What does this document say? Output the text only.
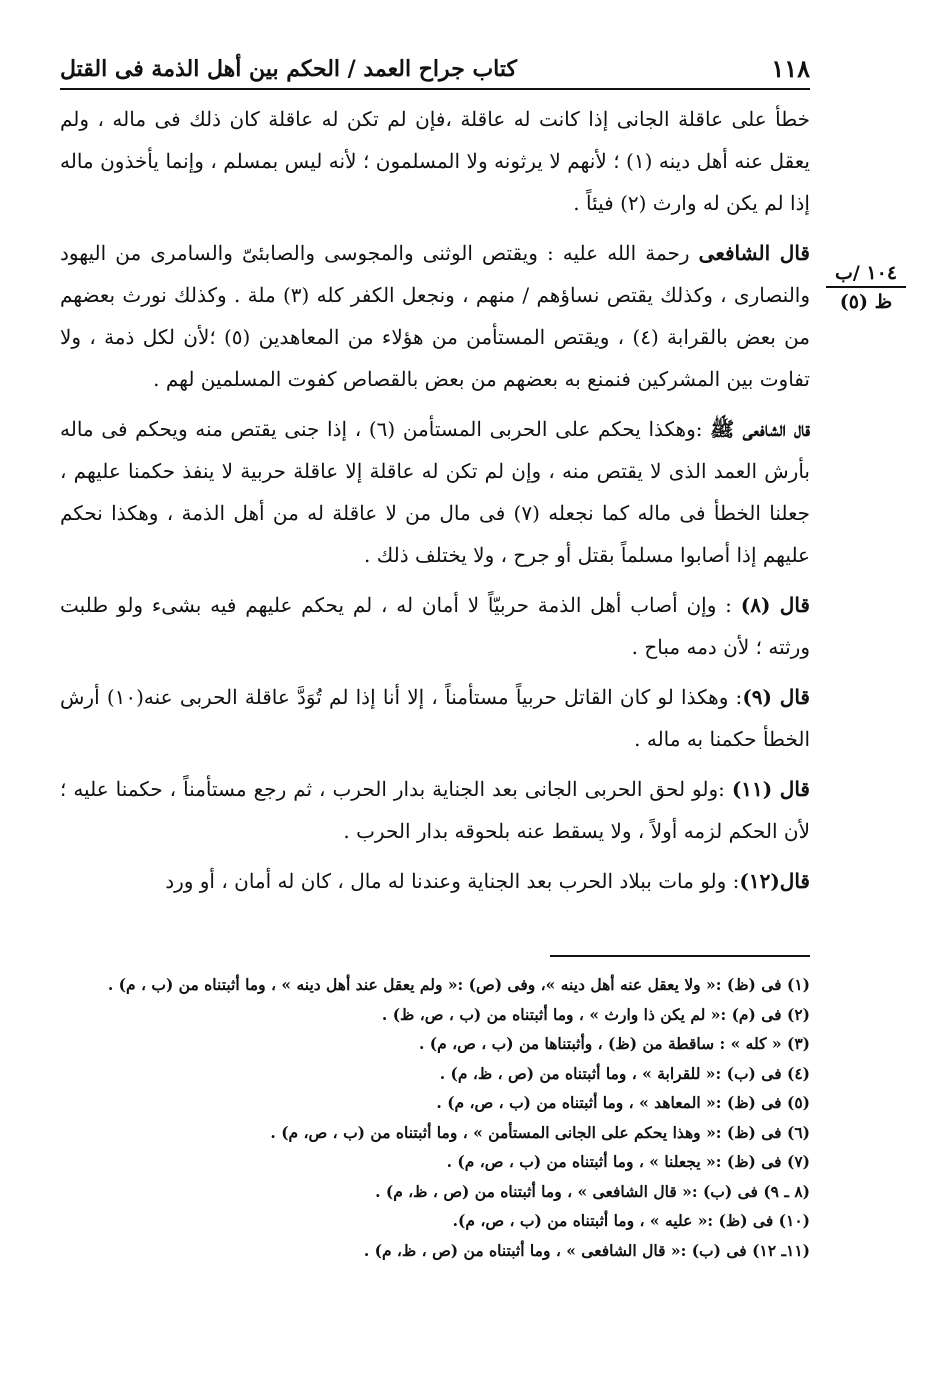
١١٨
كتاب جراح العمد / الحكم بين أهل الذمة فى القتل
١٠٤ /ب
ظ (٥)

خطأ على عاقلة الجانى إذا كانت له عاقلة ،فإن لم تكن له عاقلة كان ذلك فى ماله ، ولم يعقل عنه أهل دينه (١) ؛ لأنهم لا يرثونه ولا المسلمون ؛ لأنه ليس بمسلم ، وإنما يأخذون ماله إذا لم يكن له وارث (٢) فيئاً .

قال الشافعى رحمة الله عليه : ويقتص الوثنى والمجوسى والصابئىّ والسامرى من اليهود والنصارى ، وكذلك يقتص نساؤهم / منهم ، ونجعل الكفر كله (٣) ملة . وكذلك نورث بعضهم من بعض بالقرابة (٤) ، ويقتص المستأمن من هؤلاء من المعاهدين (٥) ؛لأن لكل ذمة ، ولا تفاوت بين المشركين فنمنع به بعضهم من بعض بالقصاص كفوت المسلمين لهم .

قال الشافعى ﷺ :وهكذا يحكم على الحربى المستأمن (٦) ، إذا جنى يقتص منه ويحكم فى ماله بأرش العمد الذى لا يقتص منه ، وإن لم تكن له عاقلة إلا عاقلة حربية لا ينفذ حكمنا عليهم ، جعلنا الخطأ فى ماله كما نجعله (٧) فى مال من لا عاقلة له من أهل الذمة ، وهكذا نحكم عليهم إذا أصابوا مسلماً بقتل أو جرح ، ولا يختلف ذلك .

قال (٨) : وإن أصاب أهل الذمة حربيّاً لا أمان له ، لم يحكم عليهم فيه بشىء ولو طلبت ورثته ؛ لأن دمه مباح .

قال (٩): وهكذا لو كان القاتل حربياً مستأمناً ، إلا أنا إذا لم تُوَدَّ عاقلة الحربى عنه(١٠) أرش الخطأ حكمنا به ماله .

قال (١١) :ولو لحق الحربى الجانى بعد الجناية بدار الحرب ، ثم رجع مستأمناً ، حكمنا عليه ؛ لأن الحكم لزمه أولاً ، ولا يسقط عنه بلحوقه بدار الحرب .

قال(١٢): ولو مات ببلاد الحرب بعد الجناية وعندنا له مال ، كان له أمان ، أو ورد

(١) فى (ظ) :« ولا يعقل عنه أهل دينه »، وفى (ص) :« ولم يعقل عند أهل دينه » ، وما أثبتناه من (ب ، م) .

(٢) فى (م) :« لم يكن ذا وارث » ، وما أثبتناه من (ب ، ص، ظ) .

(٣) « كله » : ساقطة من (ظ) ، وأثبتناها من (ب ، ص، م) .

(٤) فى (ب) :« للقرابة » ، وما أثبتناه من (ص ، ظ، م) .

(٥) فى (ظ) :« المعاهد » ، وما أثبتناه من (ب ، ص، م) .

(٦) فى (ظ) :« وهذا يحكم على الجانى المستأمن » ، وما أثبتناه من (ب ، ص، م) .

(٧) فى (ظ) :« يجعلنا » ، وما أثبتناه من (ب ، ص، م) .

(٨ ـ ٩) فى (ب) :« قال الشافعى » ، وما أثبتناه من (ص ، ظ، م) .

(١٠) فى (ظ) :« عليه » ، وما أثبتناه من (ب ، ص، م).

(١١ـ ١٢) فى (ب) :« قال الشافعى » ، وما أثبتناه من (ص ، ظ، م) .
